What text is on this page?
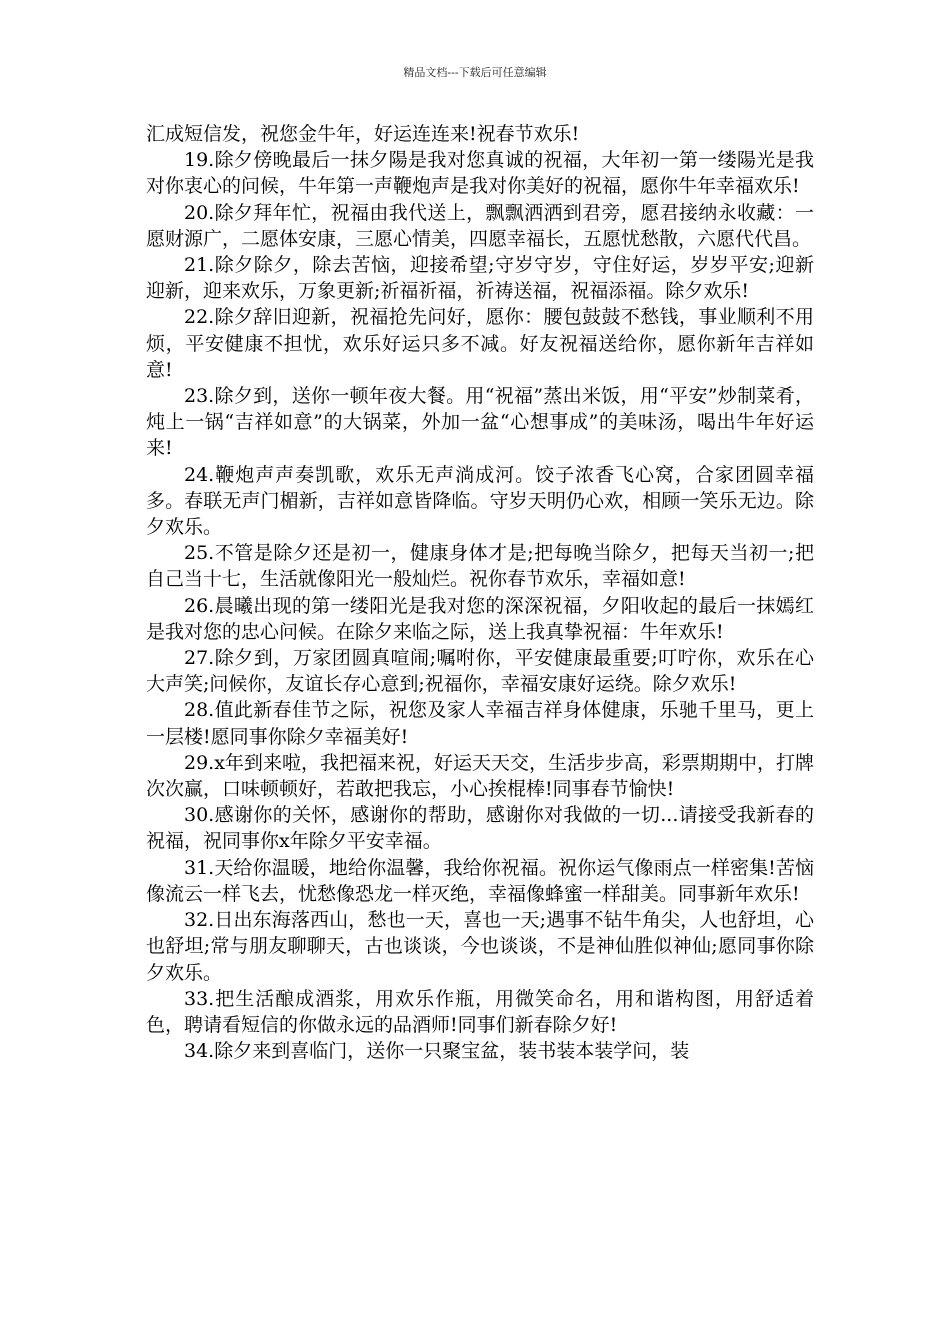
精品文档---下载后可任意编辑

汇成短信发，祝您金牛年，好运连连来!祝春节欢乐!

19.除夕傍晚最后一抹夕陽是我对您真诚的祝福，大年初一第一缕陽光是我对你衷心的问候，牛年第一声鞭炮声是我对你美好的祝福，愿你牛年幸福欢乐!

20.除夕拜年忙，祝福由我代送上，飘飘洒洒到君旁，愿君接纳永收藏：一愿财源广，二愿体安康，三愿心情美，四愿幸福长，五愿忧愁散，六愿代代昌。

21.除夕除夕，除去苦恼，迎接希望;守岁守岁，守住好运，岁岁平安;迎新迎新，迎来欢乐，万象更新;祈福祈福，祈祷送福，祝福添福。除夕欢乐!

22.除夕辞旧迎新，祝福抢先问好，愿你：腰包鼓鼓不愁钱，事业顺利不用烦，平安健康不担忧，欢乐好运只多不减。好友祝福送给你，愿你新年吉祥如意!

23.除夕到，送你一顿年夜大餐。用“祝福”蒸出米饭，用“平安”炒制菜肴，炖上一锅“吉祥如意”的大锅菜，外加一盆“心想事成”的美味汤，喝出牛年好运来!

24.鞭炮声声奏凯歌，欢乐无声淌成河。饺子浓香飞心窝，合家团圆幸福多。春联无声门楣新，吉祥如意皆降临。守岁天明仍心欢，相顾一笑乐无边。除夕欢乐。

25.不管是除夕还是初一，健康身体才是;把每晚当除夕，把每天当初一;把自己当十七，生活就像阳光一般灿烂。祝你春节欢乐，幸福如意!

26.晨曦出现的第一缕阳光是我对您的深深祝福，夕阳收起的最后一抹嫣红是我对您的忠心问候。在除夕来临之际，送上我真挚祝福：牛年欢乐!

27.除夕到，万家团圆真喧闹;嘱咐你，平安健康最重要;叮咛你，欢乐在心大声笑;问候你，友谊长存心意到;祝福你，幸福安康好运绕。除夕欢乐!

28.值此新春佳节之际，祝您及家人幸福吉祥身体健康，乐驰千里马，更上一层楼!愿同事你除夕幸福美好!

29.x年到来啦，我把福来祝，好运天天交，生活步步高，彩票期期中，打牌次次赢，口味顿顿好，若敢把我忘，小心挨棍棒!同事春节愉快!

30.感谢你的关怀，感谢你的帮助，感谢你对我做的一切...请接受我新春的祝福，祝同事你x年除夕平安幸福。

31.天给你温暖，地给你温馨，我给你祝福。祝你运气像雨点一样密集!苦恼像流云一样飞去，忧愁像恐龙一样灭绝，幸福像蜂蜜一样甜美。同事新年欢乐!

32.日出东海落西山，愁也一天，喜也一天;遇事不钻牛角尖，人也舒坦，心也舒坦;常与朋友聊聊天，古也谈谈，今也谈谈，不是神仙胜似神仙;愿同事你除夕欢乐。

33.把生活酿成酒浆，用欢乐作瓶，用微笑命名，用和谐构图，用舒适着色，聘请看短信的你做永远的品酒师!同事们新春除夕好!

34.除夕来到喜临门，送你一只聚宝盆，装书装本装学问，装
